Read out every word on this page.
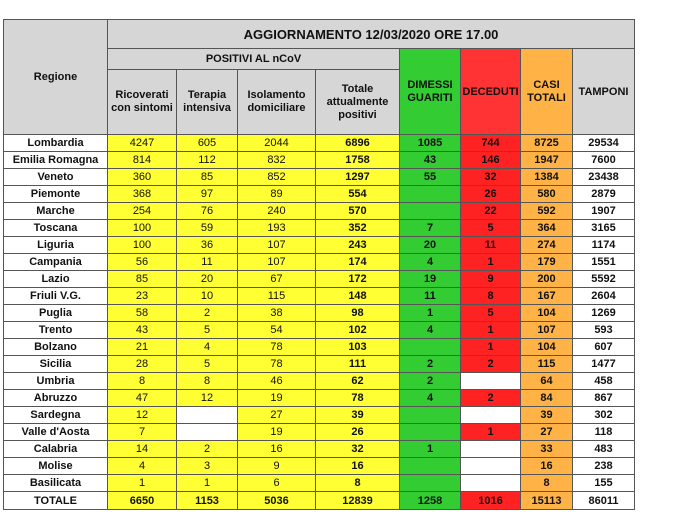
Regione	AGGIORNAMENTO 12/03/2020 ORE 17.00							
	POSITIVI AL nCoV				DIMESSI GUARITI	DECEDUTI	CASI TOTALI	TAMPONI
	Ricoverati con sintomi	Terapia intensiva	Isolamento domiciliare	Totale attualmente positivi				
Lombardia	4247	605	2044	6896	1085	744	8725	29534
Emilia Romagna	814	112	832	1758	43	146	1947	7600
Veneto	360	85	852	1297	55	32	1384	23438
Piemonte	368	97	89	554		26	580	2879
Marche	254	76	240	570		22	592	1907
Toscana	100	59	193	352	7	5	364	3165
Liguria	100	36	107	243	20	11	274	1174
Campania	56	11	107	174	4	1	179	1551
Lazio	85	20	67	172	19	9	200	5592
Friuli V.G.	23	10	115	148	11	8	167	2604
Puglia	58	2	38	98	1	5	104	1269
Trento	43	5	54	102	4	1	107	593
Bolzano	21	4	78	103		1	104	607
Sicilia	28	5	78	111	2	2	115	1477
Umbria	8	8	46	62	2		64	458
Abruzzo	47	12	19	78	4	2	84	867
Sardegna	12		27	39			39	302
Valle d'Aosta	7		19	26		1	27	118
Calabria	14	2	16	32	1		33	483
Molise	4	3	9	16			16	238
Basilicata	1	1	6	8			8	155
TOTALE	6650	1153	5036	12839	1258	1016	15113	86011
